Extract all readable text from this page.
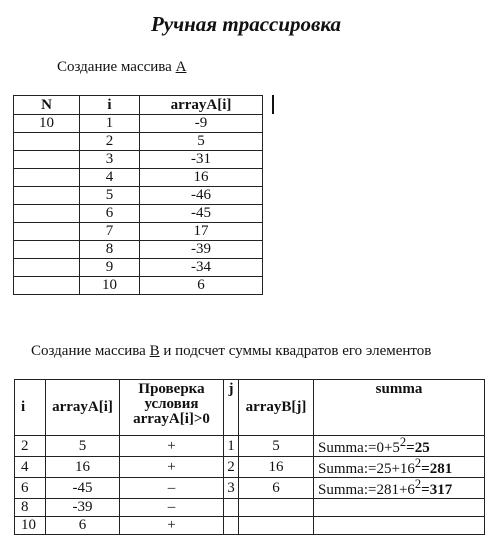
Ручная трассировка
Создание массива А
N	i	arrayA[i]
10	1	-9
	2	5
	3	-31
	4	16
	5	-46
	6	-45
	7	17
	8	-39
	9	-34
	10	6
Создание массива В и подсчет суммы квадратов его элементов
i	arrayA[i]	Проверка
условия
arrayA[i]>0	j	arrayB[j]	summa
2	5	+	1	5	$Summa:=0+5^2=25$
4	16	+	2	16	$Summa:=25+16^2=281$
6	-45	–	3	6	$Summa:=281+6^2=317$
8	-39	–			
10	6	+			
